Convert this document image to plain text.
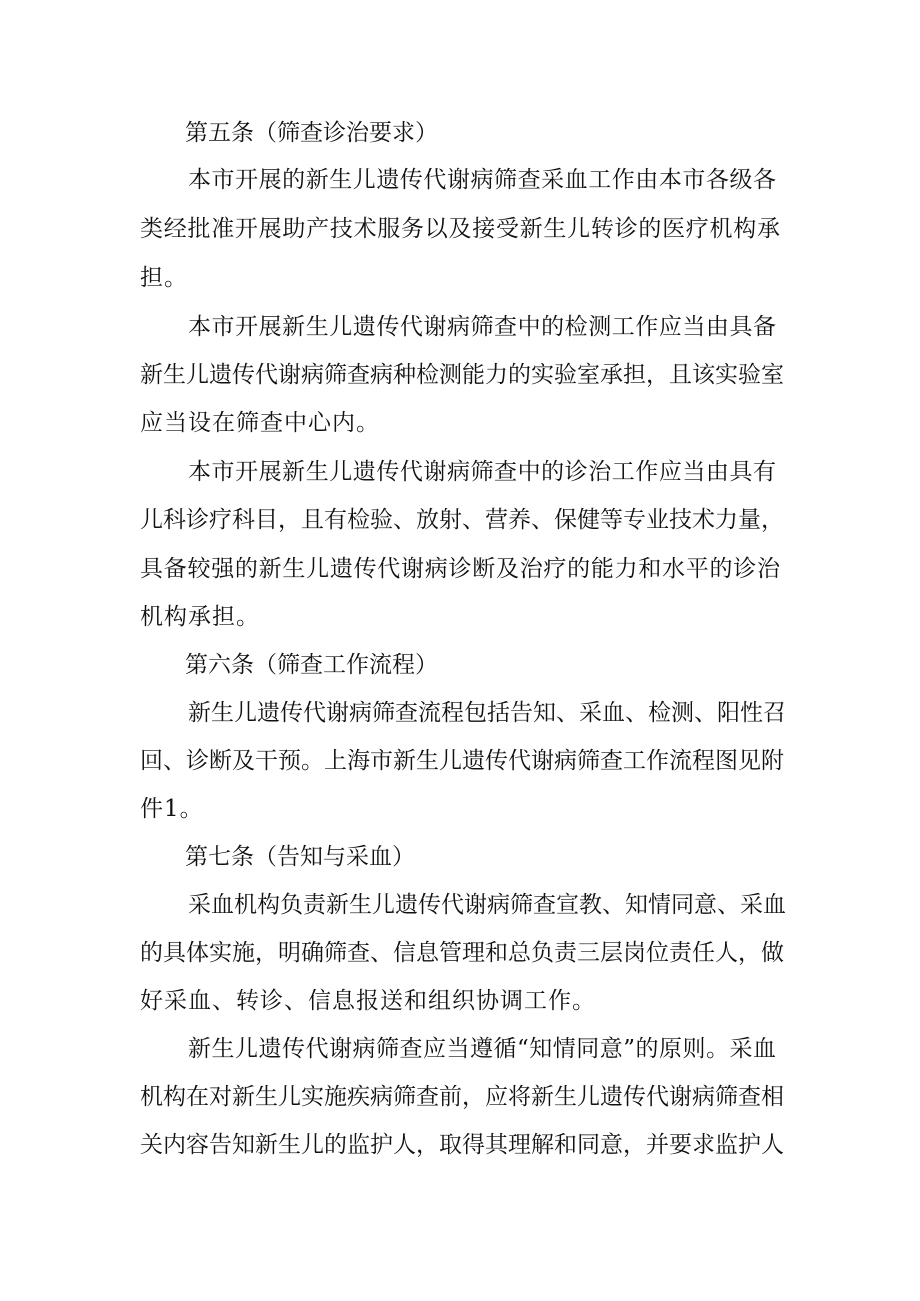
第五条（筛查诊治要求）
本市开展的新生儿遗传代谢病筛查采血工作由本市各级各
类经批准开展助产技术服务以及接受新生儿转诊的医疗机构承
担。
本市开展新生儿遗传代谢病筛查中的检测工作应当由具备
新生儿遗传代谢病筛查病种检测能力的实验室承担，且该实验室
应当设在筛查中心内。
本市开展新生儿遗传代谢病筛查中的诊治工作应当由具有
儿科诊疗科目，且有检验、放射、营养、保健等专业技术力量，
具备较强的新生儿遗传代谢病诊断及治疗的能力和水平的诊治
机构承担。
第六条（筛查工作流程）
新生儿遗传代谢病筛查流程包括告知、采血、检测、阳性召
回、诊断及干预。上海市新生儿遗传代谢病筛查工作流程图见附
件1。
第七条（告知与采血）
采血机构负责新生儿遗传代谢病筛查宣教、知情同意、采血
的具体实施，明确筛查、信息管理和总负责三层岗位责任人，做
好采血、转诊、信息报送和组织协调工作。
新生儿遗传代谢病筛查应当遵循“知情同意”的原则。采血
机构在对新生儿实施疾病筛查前，应将新生儿遗传代谢病筛查相
关内容告知新生儿的监护人，取得其理解和同意，并要求监护人
